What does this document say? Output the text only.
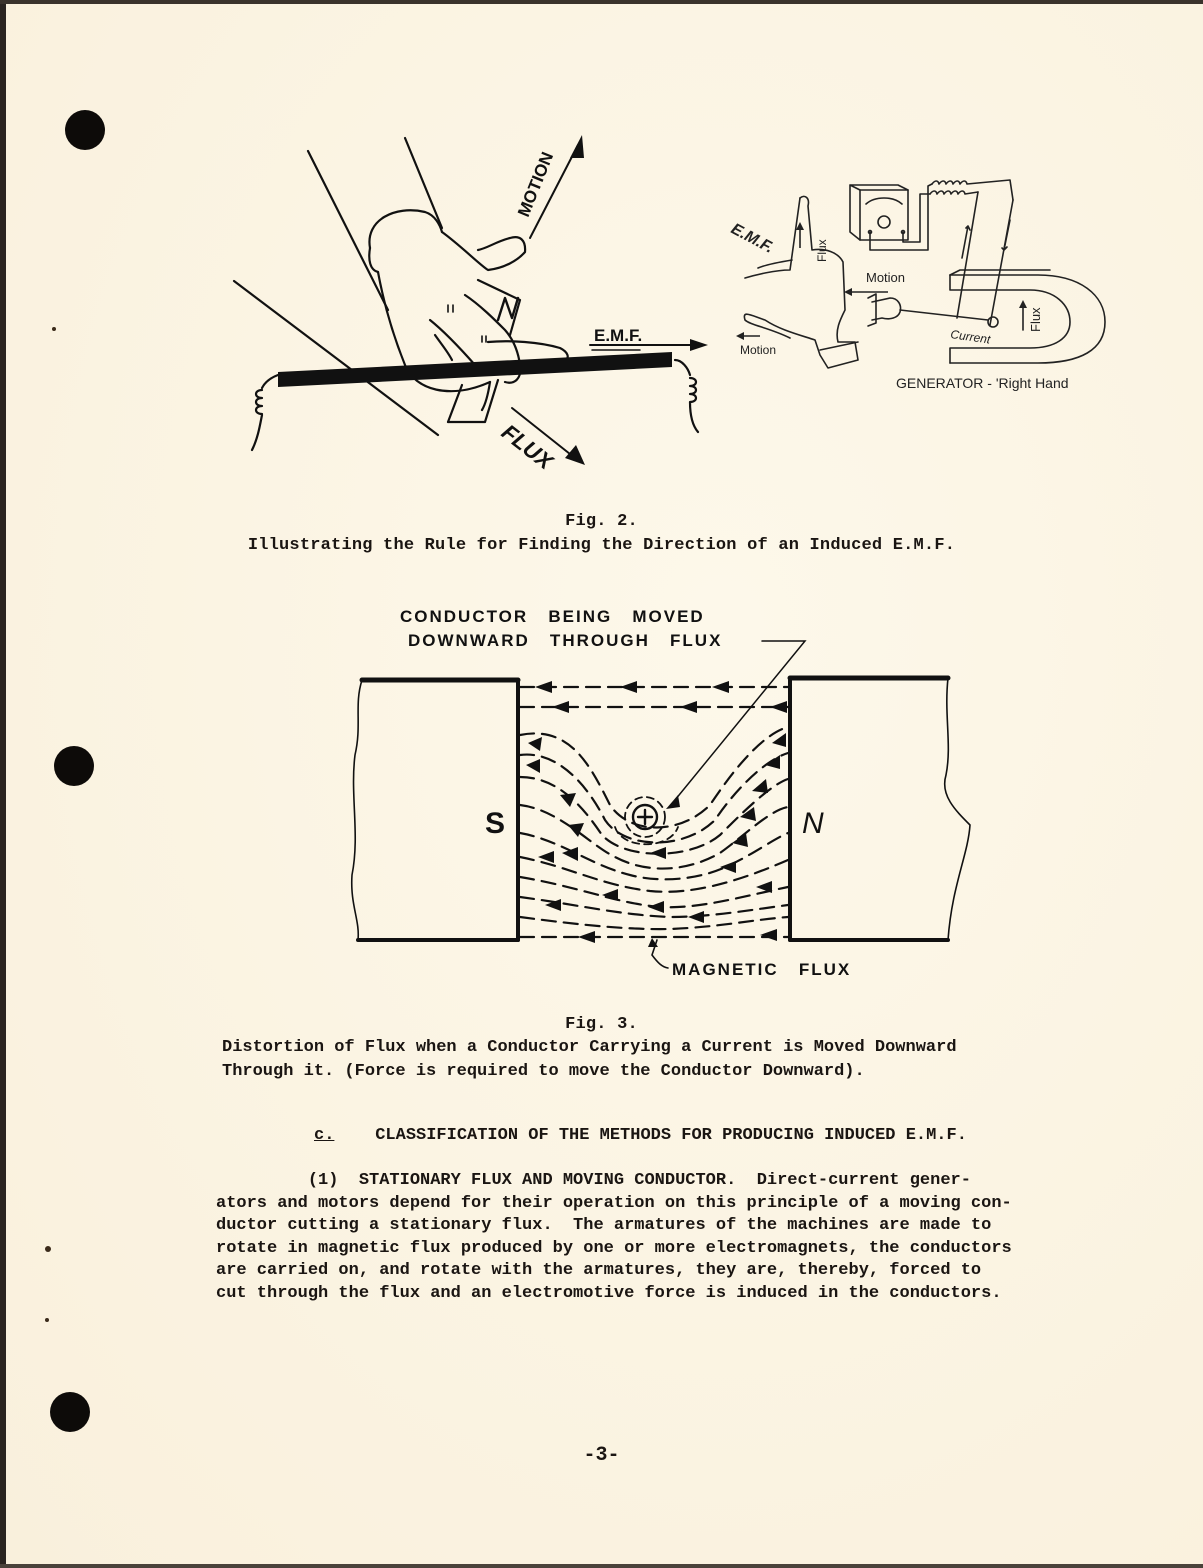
MOTION
E.M.F.
FLUX
E.M.F.	Flux
Motion
Motion
Current
Flux
GENERATOR - 'Right Hand
Fig. 2.
Illustrating the Rule for Finding the Direction of an Induced E.M.F.
CONDUCTOR   BEING   MOVED
DOWNWARD   THROUGH   FLUX
S	N
MAGNETIC   FLUX
Fig. 3.
Distortion of Flux when a Conductor Carrying a Current is Moved Downward
Through it. (Force is required to move the Conductor Downward).
c. CLASSIFICATION OF THE METHODS FOR PRODUCING INDUCED E.M.F.
(1)  STATIONARY FLUX AND MOVING CONDUCTOR.  Direct-current gener-
ators and motors depend for their operation on this principle of a moving con-
ductor cutting a stationary flux.  The armatures of the machines are made to
rotate in magnetic flux produced by one or more electromagnets, the conductors
are carried on, and rotate with the armatures, they are, thereby, forced to
cut through the flux and an electromotive force is induced in the conductors.
-3-
